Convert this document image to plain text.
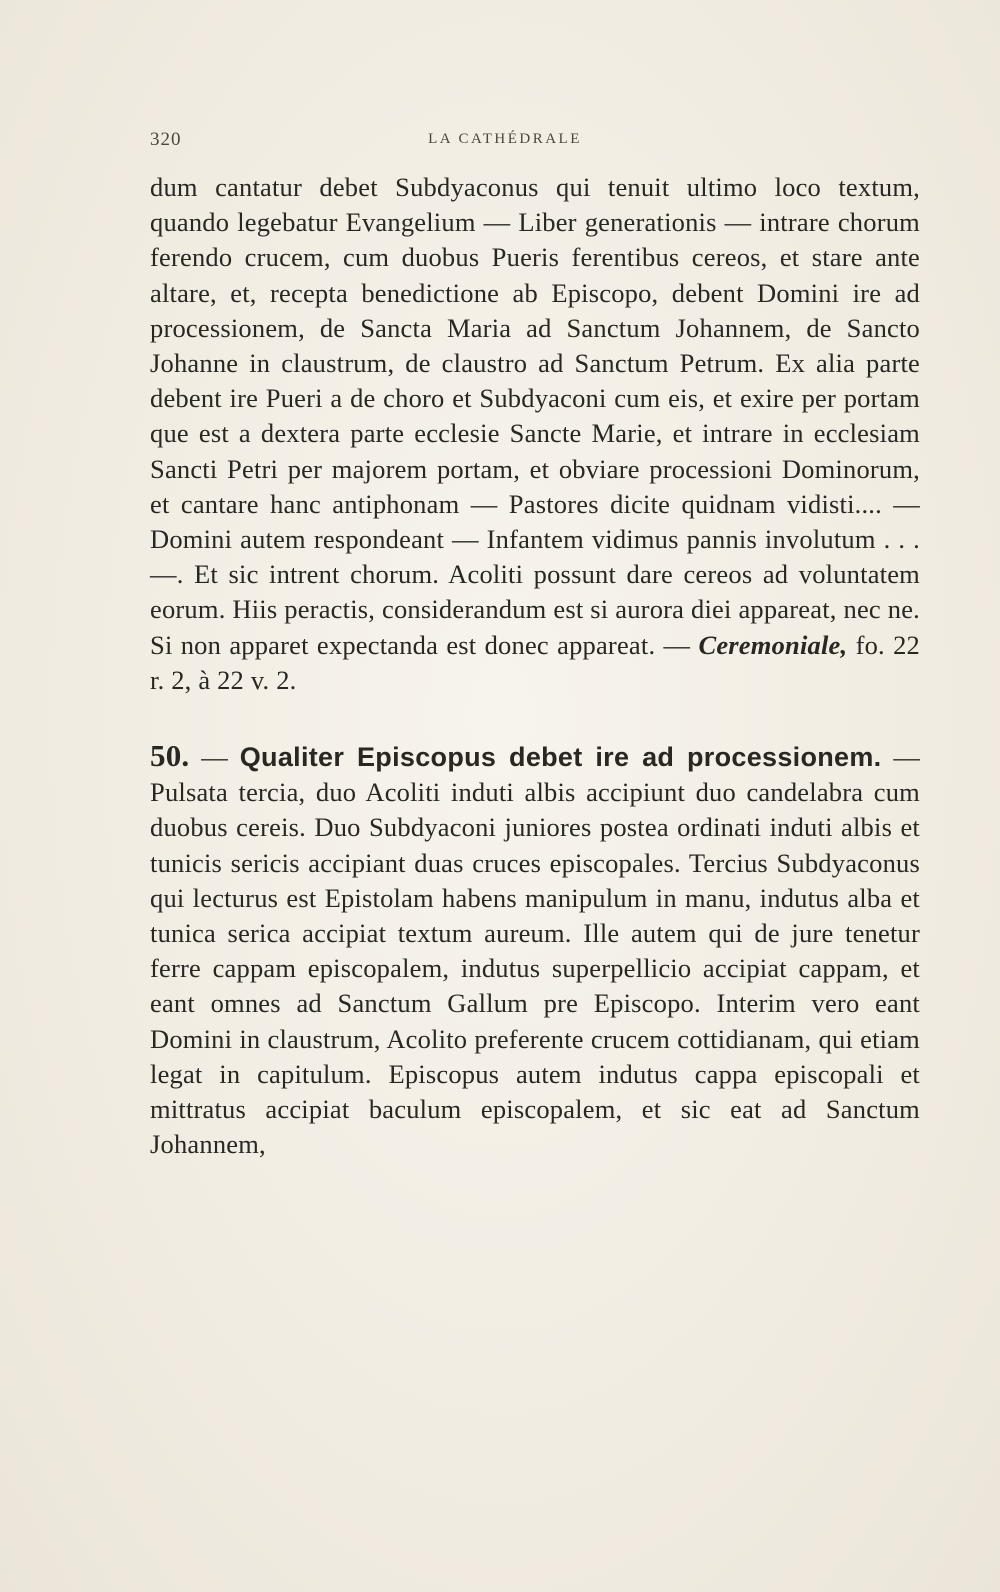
320	LA CATHÉDRALE

dum cantatur debet Subdyaconus qui tenuit ultimo loco textum, quando legebatur Evangelium — Liber generationis — intrare chorum ferendo crucem, cum duobus Pueris ferentibus cereos, et stare ante altare, et, recepta benedictione ab Episcopo, debent Domini ire ad processionem, de Sancta Maria ad Sanctum Johannem, de Sancto Johanne in claustrum, de claustro ad Sanctum Petrum. Ex alia parte debent ire Pueri a de choro et Subdyaconi cum eis, et exire per portam que est a dextera parte ecclesie Sancte Marie, et intrare in ecclesiam Sancti Petri per majorem portam, et obviare processioni Dominorum, et cantare hanc antiphonam — Pastores dicite quidnam vidisti.... — Domini autem respondeant — Infantem vidimus pannis involutum . . . —. Et sic intrent chorum. Acoliti possunt dare cereos ad voluntatem eorum. Hiis peractis, considerandum est si aurora diei appareat, nec ne. Si non apparet expectanda est donec appareat. — Ceremoniale, fo. 22 r. 2, à 22 v. 2.

50. — Qualiter Episcopus debet ire ad processionem. — Pulsata tercia, duo Acoliti induti albis accipiunt duo candelabra cum duobus cereis. Duo Subdyaconi juniores postea ordinati induti albis et tunicis sericis accipiant duas cruces episcopales. Tercius Subdyaconus qui lecturus est Epistolam habens manipulum in manu, indutus alba et tunica serica accipiat textum aureum. Ille autem qui de jure tenetur ferre cappam episcopalem, indutus superpellicio accipiat cappam, et eant omnes ad Sanctum Gallum pre Episcopo. Interim vero eant Domini in claustrum, Acolito preferente crucem cottidianam, qui etiam legat in capitulum. Episcopus autem indutus cappa episcopali et mittratus accipiat baculum episcopalem, et sic eat ad Sanctum Johannem,
